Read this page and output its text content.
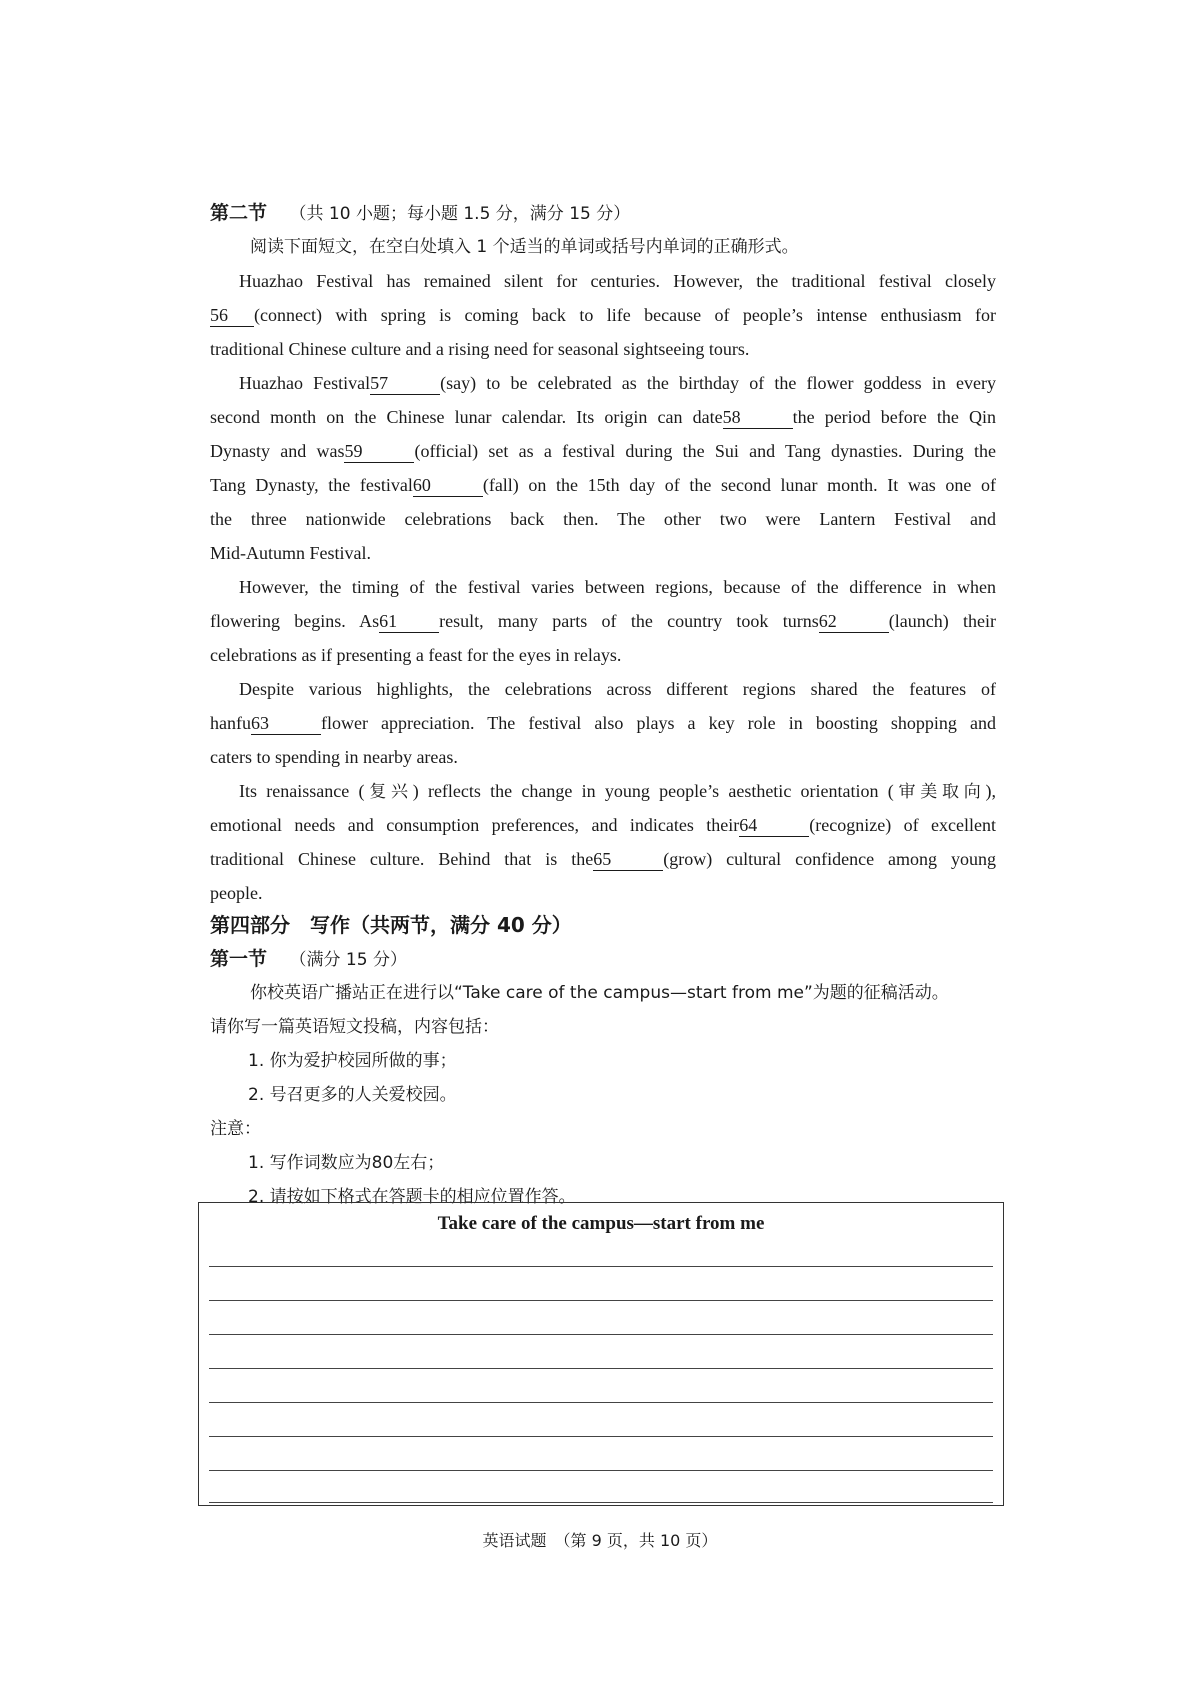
第二节 （共 10 小题；每小题 1.5 分，满分 15 分）
阅读下面短文，在空白处填入 1 个适当的单词或括号内单词的正确形式。
Huazhao Festival has remained silent for centuries. However, the traditional festival closely
56 (connect) with spring is coming back to life because of people’s intense enthusiasm for
traditional Chinese culture and a rising need for seasonal sightseeing tours.
Huazhao Festival57	(say) to be celebrated as the birthday of the flower goddess in every
second month on the Chinese lunar calendar. Its origin can date58	the period before the Qin
Dynasty and was59	(official) set as a festival during the Sui and Tang dynasties. During the
Tang Dynasty, the festival60	(fall) on the 15th day of the second lunar month. It was one of
the three nationwide celebrations back then. The other two were Lantern Festival and
Mid-Autumn Festival.
However, the timing of the festival varies between regions, because of the difference in when
flowering begins. As61 result, many parts of the country took turns62	(launch) their
celebrations as if presenting a feast for the eyes in relays.
Despite various highlights, the celebrations across different regions shared the features of
hanfu63	flower appreciation. The festival also plays a key role in boosting shopping and
caters to spending in nearby areas.
Its renaissance (复兴) reflects the change in young people’s aesthetic orientation (审美取向),
emotional needs and consumption preferences, and indicates their64	(recognize) of excellent
traditional Chinese culture. Behind that is the65	(grow) cultural confidence among young
people.
第四部分　写作（共两节，满分 40 分）
第一节 （满分 15 分）
你校英语广播站正在进行以“Take care of the campus—start from me”为题的征稿活动。
请你写一篇英语短文投稿，内容包括：
1. 你为爱护校园所做的事；
2. 号召更多的人关爱校园。
注意：
1. 写作词数应为80左右；
2. 请按如下格式在答题卡的相应位置作答。
Take care of the campus—start from me
英语试题　（第 9 页，共 10 页）
